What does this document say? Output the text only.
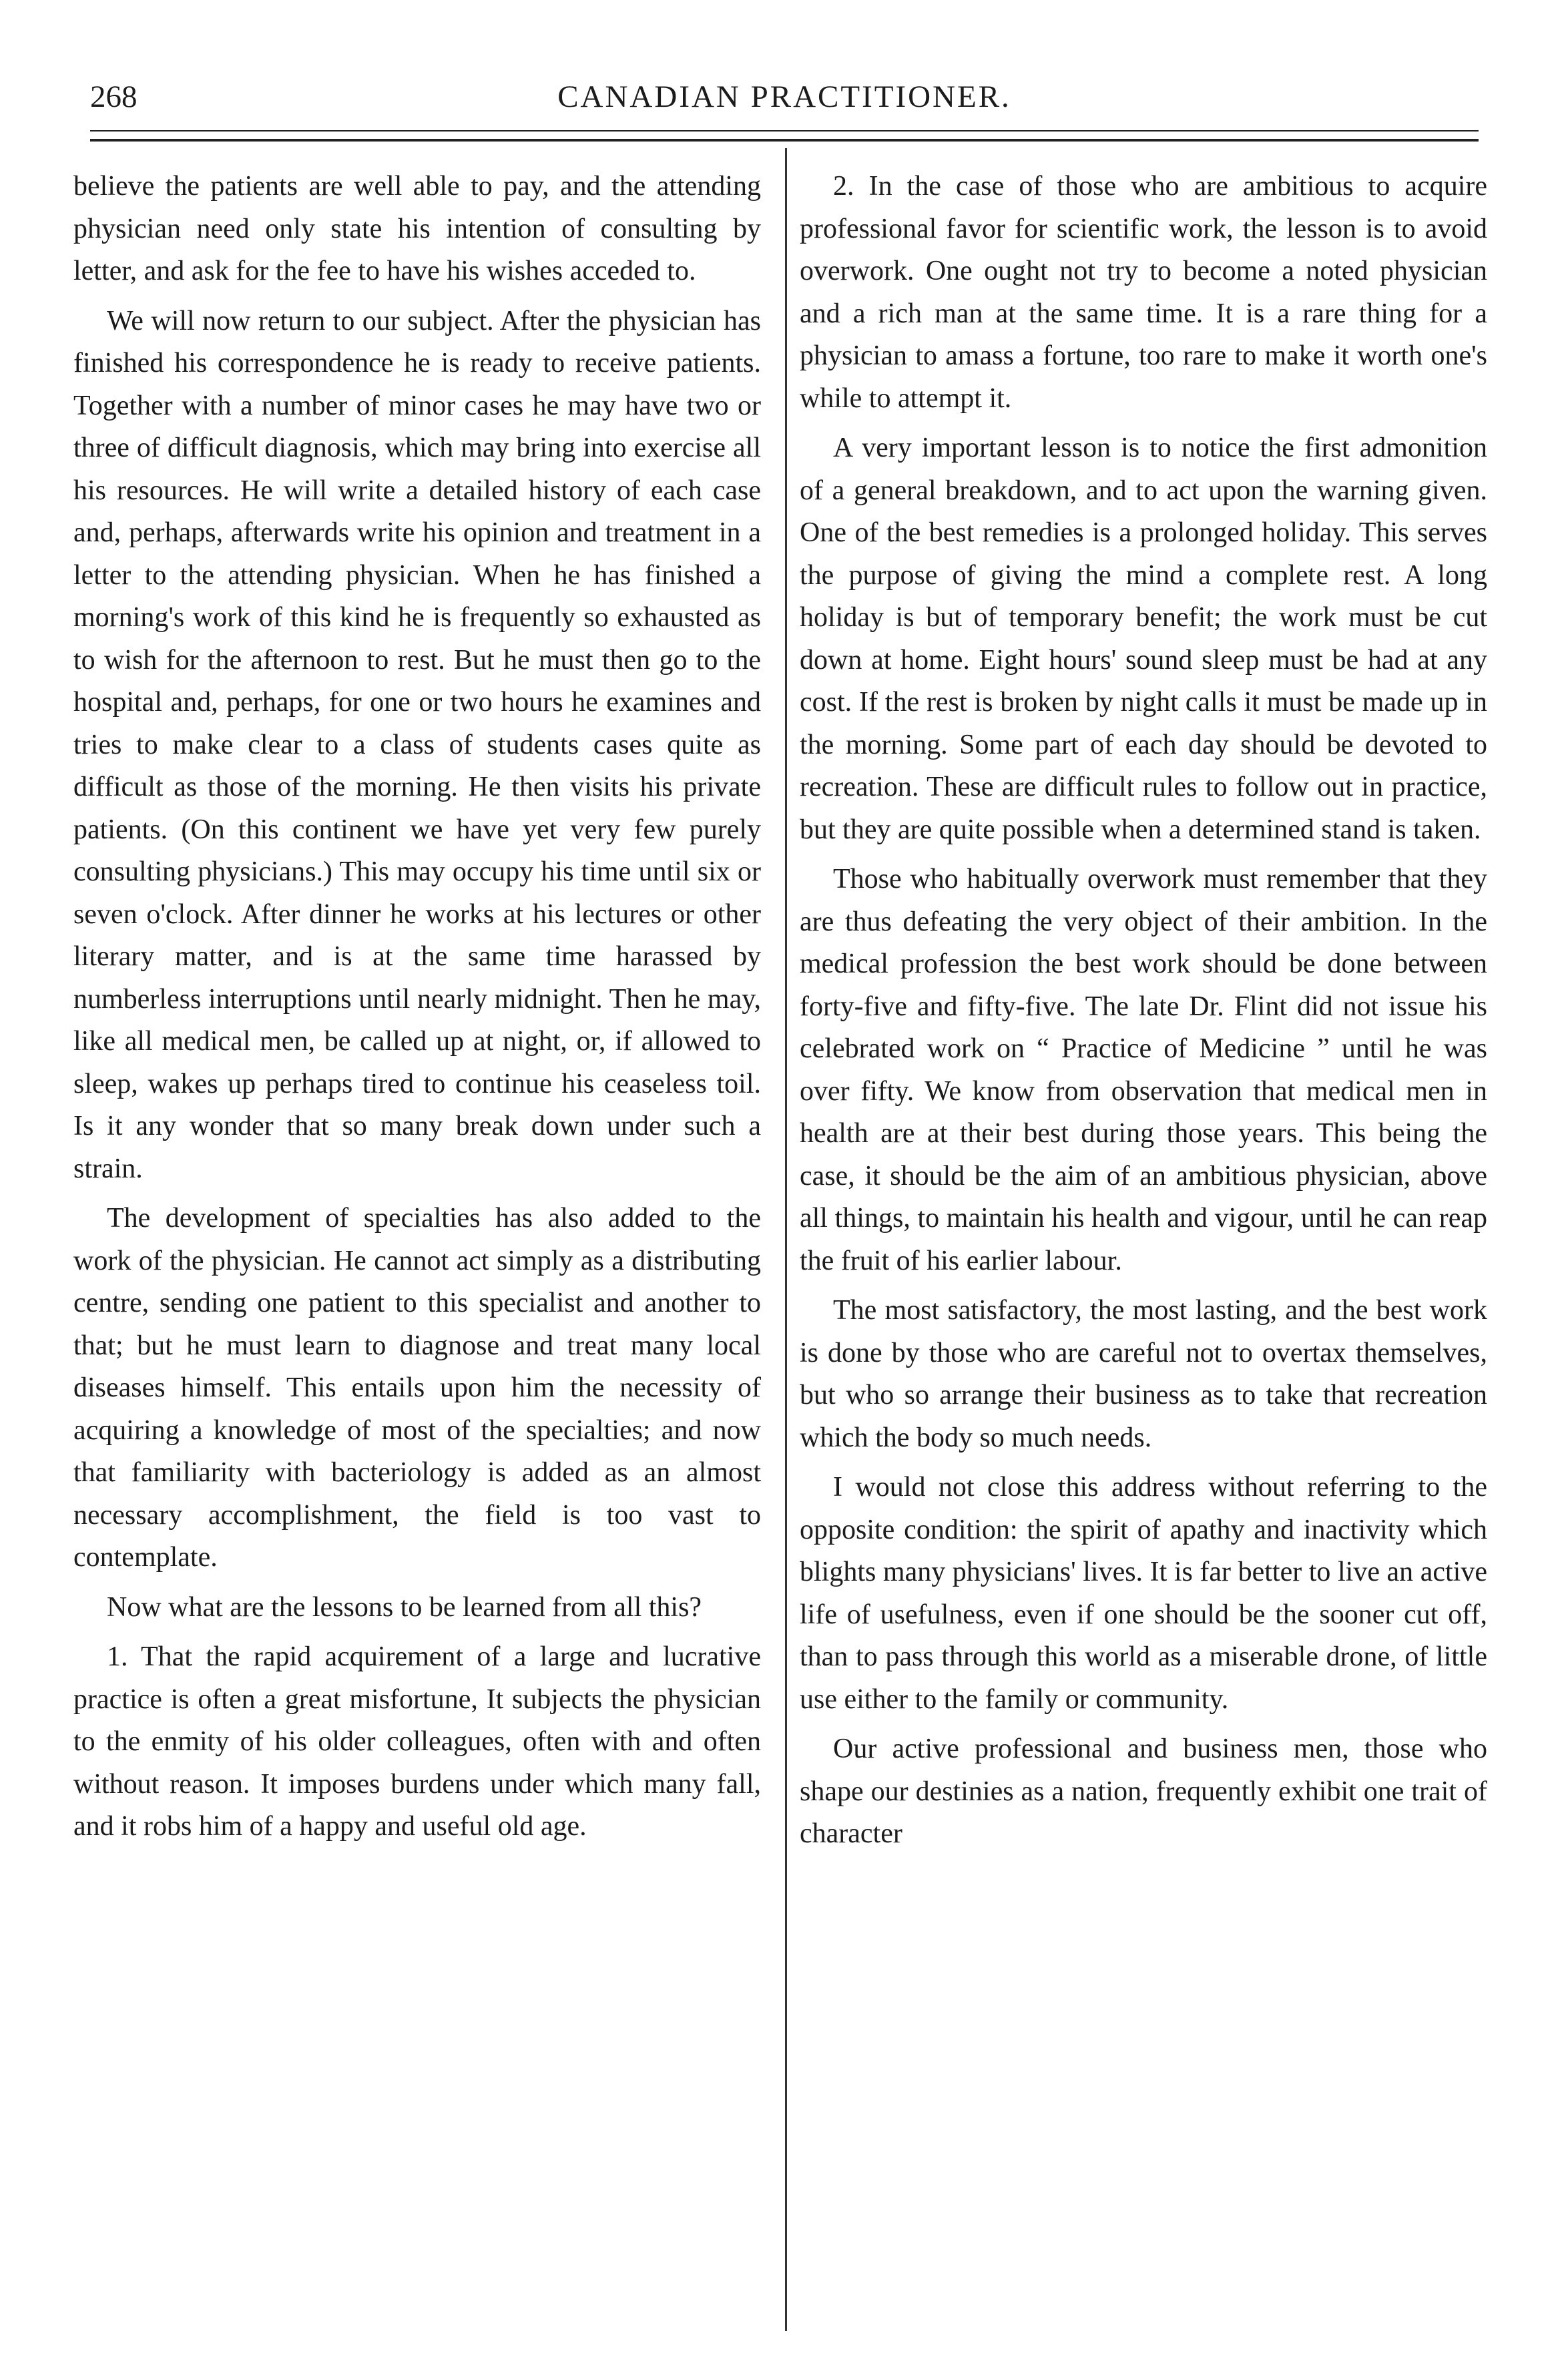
268	CANADIAN PRACTITIONER.

believe the patients are well able to pay, and the attending physician need only state his intention of consulting by letter, and ask for the fee to have his wishes acceded to.

We will now return to our subject. After the physician has finished his correspondence he is ready to receive patients. Together with a number of minor cases he may have two or three of difficult diagnosis, which may bring into exercise all his resources. He will write a detailed history of each case and, perhaps, afterwards write his opinion and treatment in a letter to the attending physician. When he has finished a morning's work of this kind he is frequently so exhausted as to wish for the afternoon to rest. But he must then go to the hospital and, perhaps, for one or two hours he examines and tries to make clear to a class of students cases quite as difficult as those of the morning. He then visits his private patients. (On this continent we have yet very few purely consulting physicians.) This may occupy his time until six or seven o'clock. After dinner he works at his lectures or other literary matter, and is at the same time harassed by numberless interruptions until nearly midnight. Then he may, like all medical men, be called up at night, or, if allowed to sleep, wakes up perhaps tired to continue his ceaseless toil. Is it any wonder that so many break down under such a strain.

The development of specialties has also added to the work of the physician. He cannot act simply as a distributing centre, sending one patient to this specialist and another to that; but he must learn to diagnose and treat many local diseases himself. This entails upon him the necessity of acquiring a knowledge of most of the specialties; and now that familiarity with bacteriology is added as an almost necessary accomplishment, the field is too vast to contemplate.

Now what are the lessons to be learned from all this?

1. That the rapid acquirement of a large and lucrative practice is often a great misfortune, It subjects the physician to the enmity of his older colleagues, often with and often without reason. It imposes burdens under which many fall, and it robs him of a happy and useful old age.

2. In the case of those who are ambitious to acquire professional favor for scientific work, the lesson is to avoid overwork. One ought not try to become a noted physician and a rich man at the same time. It is a rare thing for a physician to amass a fortune, too rare to make it worth one's while to attempt it.

A very important lesson is to notice the first admonition of a general breakdown, and to act upon the warning given. One of the best remedies is a prolonged holiday. This serves the purpose of giving the mind a complete rest. A long holiday is but of temporary benefit; the work must be cut down at home. Eight hours' sound sleep must be had at any cost. If the rest is broken by night calls it must be made up in the morning. Some part of each day should be devoted to recreation. These are difficult rules to follow out in practice, but they are quite possible when a determined stand is taken.

Those who habitually overwork must remember that they are thus defeating the very object of their ambition. In the medical profession the best work should be done between forty-five and fifty-five. The late Dr. Flint did not issue his celebrated work on “ Practice of Medicine ” until he was over fifty. We know from observation that medical men in health are at their best during those years. This being the case, it should be the aim of an ambitious physician, above all things, to maintain his health and vigour, until he can reap the fruit of his earlier labour.

The most satisfactory, the most lasting, and the best work is done by those who are careful not to overtax themselves, but who so arrange their business as to take that recreation which the body so much needs.

I would not close this address without referring to the opposite condition: the spirit of apathy and inactivity which blights many physicians' lives. It is far better to live an active life of usefulness, even if one should be the sooner cut off, than to pass through this world as a miserable drone, of little use either to the family or community.

Our active professional and business men, those who shape our destinies as a nation, frequently exhibit one trait of character
